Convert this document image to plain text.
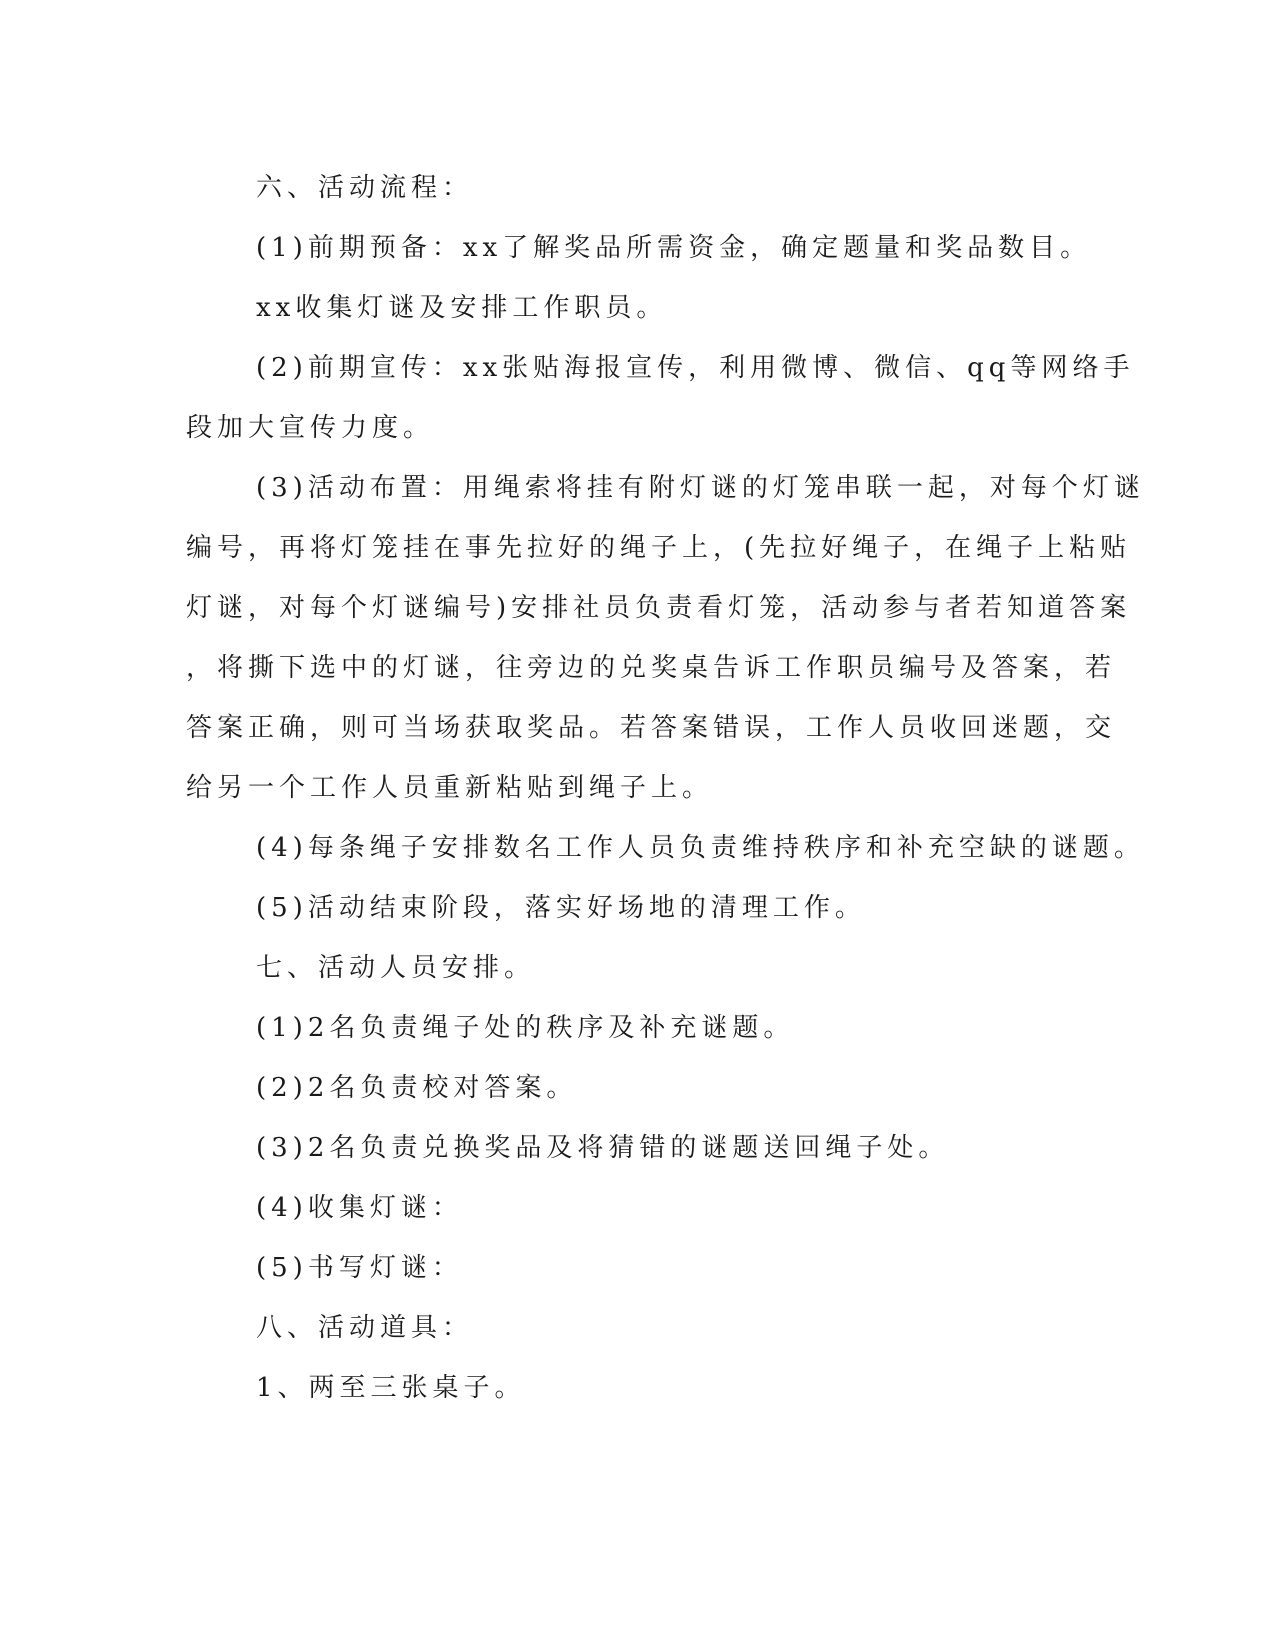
六、活动流程：

(1)前期预备：xx了解奖品所需资金，确定题量和奖品数目。

xx收集灯谜及安排工作职员。

(2)前期宣传：xx张贴海报宣传，利用微博、微信、qq等网络手

段加大宣传力度。

(3)活动布置：用绳索将挂有附灯谜的灯笼串联一起，对每个灯谜

编号，再将灯笼挂在事先拉好的绳子上，(先拉好绳子，在绳子上粘贴

灯谜，对每个灯谜编号)安排社员负责看灯笼，活动参与者若知道答案

，将撕下选中的灯谜，往旁边的兑奖桌告诉工作职员编号及答案，若

答案正确，则可当场获取奖品。若答案错误，工作人员收回迷题，交

给另一个工作人员重新粘贴到绳子上。

(4)每条绳子安排数名工作人员负责维持秩序和补充空缺的谜题。

(5)活动结束阶段，落实好场地的清理工作。

七、活动人员安排。

(1)2名负责绳子处的秩序及补充谜题。

(2)2名负责校对答案。

(3)2名负责兑换奖品及将猜错的谜题送回绳子处。

(4)收集灯谜：

(5)书写灯谜：

八、活动道具：

1、两至三张桌子。
